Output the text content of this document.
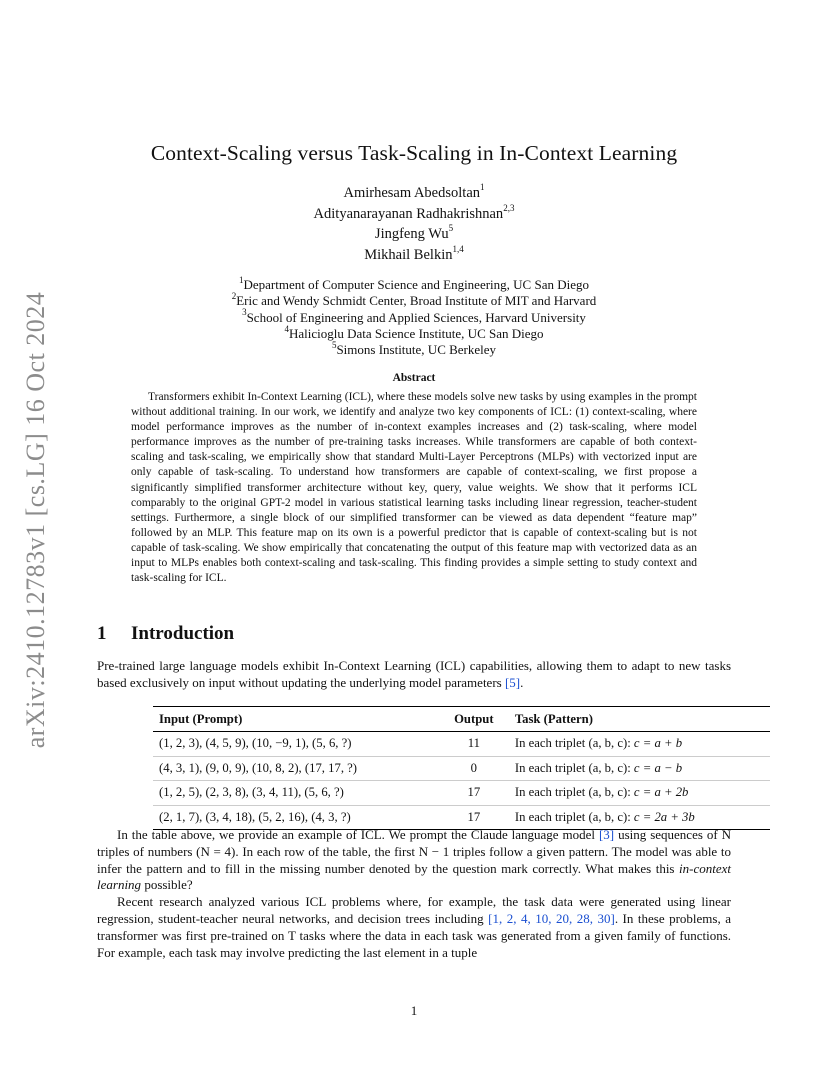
arXiv:2410.12783v1 [cs.LG] 16 Oct 2024
Context-Scaling versus Task-Scaling in In-Context Learning
Amirhesam Abedsoltan$^1$
Adityanarayanan Radhakrishnan$^{2,3}$
Jingfeng Wu$^5$
Mikhail Belkin$^{1,4}$
$^1$Department of Computer Science and Engineering, UC San Diego
$^2$Eric and Wendy Schmidt Center, Broad Institute of MIT and Harvard
$^3$School of Engineering and Applied Sciences, Harvard University
$^4$Halicioglu Data Science Institute, UC San Diego
$^5$Simons Institute, UC Berkeley
Abstract
Transformers exhibit In-Context Learning (ICL), where these models solve new tasks by using examples in the prompt without additional training. In our work, we identify and analyze two key components of ICL: (1) context-scaling, where model performance improves as the number of in-context examples increases and (2) task-scaling, where model performance improves as the number of pre-training tasks increases. While transformers are capable of both context-scaling and task-scaling, we empirically show that standard Multi-Layer Perceptrons (MLPs) with vectorized input are only capable of task-scaling. To understand how transformers are capable of context-scaling, we first propose a significantly simplified transformer architecture without key, query, value weights. We show that it performs ICL comparably to the original GPT-2 model in various statistical learning tasks including linear regression, teacher-student settings. Furthermore, a single block of our simplified transformer can be viewed as data dependent “feature map” followed by an MLP. This feature map on its own is a powerful predictor that is capable of context-scaling but is not capable of task-scaling. We show empirically that concatenating the output of this feature map with vectorized data as an input to MLPs enables both context-scaling and task-scaling. This finding provides a simple setting to study context and task-scaling for ICL.
1 Introduction
Pre-trained large language models exhibit In-Context Learning (ICL) capabilities, allowing them to adapt to new tasks based exclusively on input without updating the underlying model parameters [5].
Input (Prompt)	Output	Task (Pattern)
(1, 2, 3), (4, 5, 9), (10, −9, 1), (5, 6, ?)	11	In each triplet (a, b, c): c = a + b
(4, 3, 1), (9, 0, 9), (10, 8, 2), (17, 17, ?)	0	In each triplet (a, b, c): c = a − b
(1, 2, 5), (2, 3, 8), (3, 4, 11), (5, 6, ?)	17	In each triplet (a, b, c): c = a + 2b
(2, 1, 7), (3, 4, 18), (5, 2, 16), (4, 3, ?)	17	In each triplet (a, b, c): c = 2a + 3b

In the table above, we provide an example of ICL. We prompt the Claude language model [3] using sequences of N triples of numbers (N = 4). In each row of the table, the first N − 1 triples follow a given pattern. The model was able to infer the pattern and to fill in the missing number denoted by the question mark correctly. What makes this in-context learning possible?

Recent research analyzed various ICL problems where, for example, the task data were generated using linear regression, student-teacher neural networks, and decision trees including [1, 2, 4, 10, 20, 28, 30]. In these problems, a transformer was first pre-trained on T tasks where the data in each task was generated from a given family of functions. For example, each task may involve predicting the last element in a tuple

1
